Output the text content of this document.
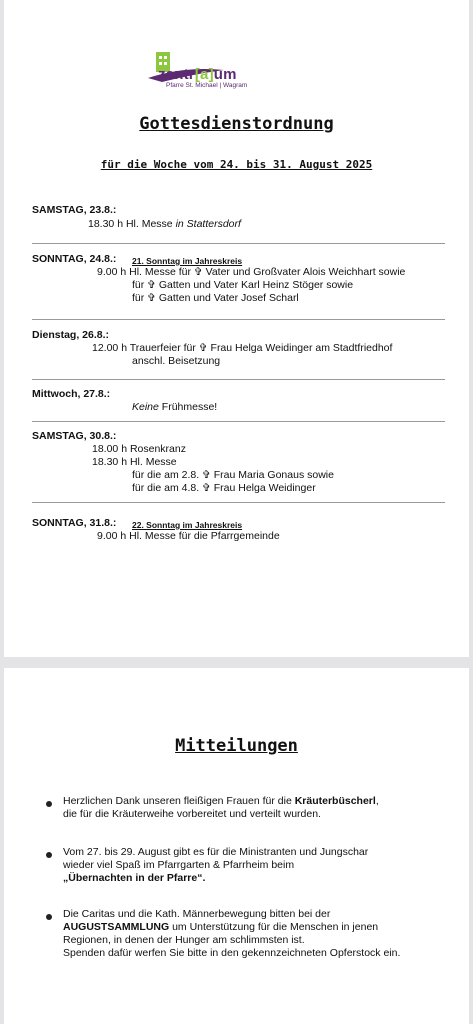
zentr[a]um
Pfarre St. Michael | Wagram
Gottesdienstordnung
für die Woche vom 24. bis 31. August 2025
SAMSTAG, 23.8.:
18.30 h Hl. Messe in Stattersdorf
SONNTAG, 24.8.: 21. Sonntag im Jahreskreis
9.00 h Hl. Messe für ✞ Vater und Großvater Alois Weichhart sowie
für ✞ Gatten und Vater Karl Heinz Stöger sowie
für ✞ Gatten und Vater Josef Scharl
Dienstag, 26.8.:
12.00 h Trauerfeier für ✞ Frau Helga Weidinger am Stadtfriedhof
anschl. Beisetzung
Mittwoch, 27.8.:
Keine Frühmesse!
SAMSTAG, 30.8.:
18.00 h Rosenkranz
18.30 h Hl. Messe
für die am 2.8. ✞ Frau Maria Gonaus sowie
für die am 4.8. ✞ Frau Helga Weidinger
SONNTAG, 31.8.: 22. Sonntag im Jahreskreis
9.00 h Hl. Messe für die Pfarrgemeinde
Mitteilungen
Herzlichen Dank unseren fleißigen Frauen für die Kräuterbüscherl,
die für die Kräuterweihe vorbereitet und verteilt wurden.
Vom 27. bis 29. August gibt es für die Ministranten und Jungschar
wieder viel Spaß im Pfarrgarten & Pfarrheim beim
„Übernachten in der Pfarre“.
Die Caritas und die Kath. Männerbewegung bitten bei der
AUGUSTSAMMLUNG um Unterstützung für die Menschen in jenen
Regionen, in denen der Hunger am schlimmsten ist.
Spenden dafür werfen Sie bitte in den gekennzeichneten Opferstock ein.
